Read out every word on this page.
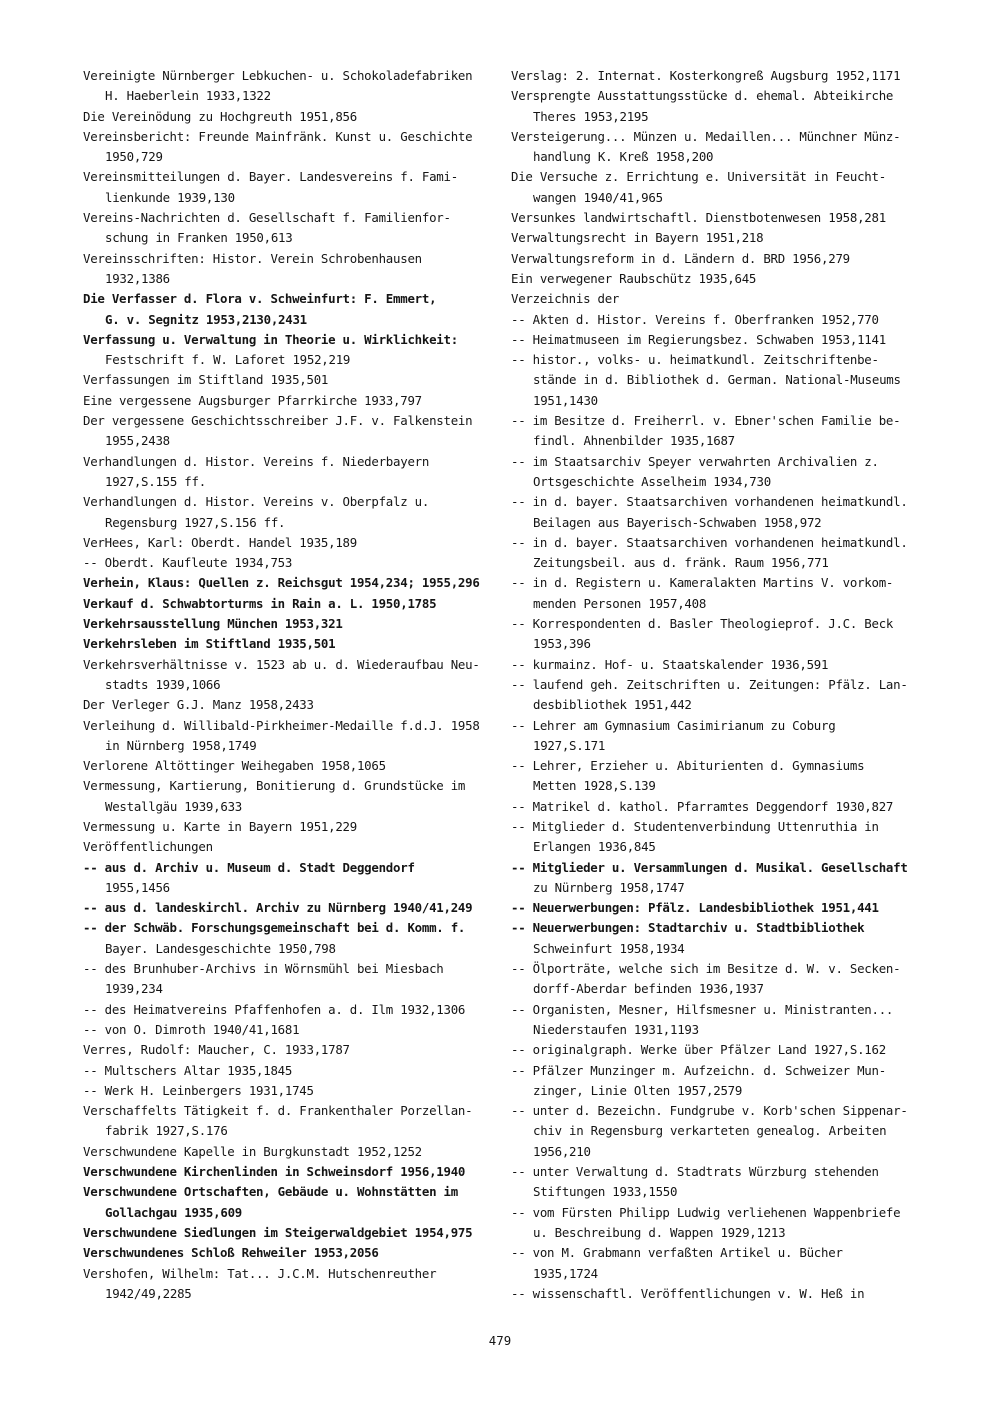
Vereinigte Nürnberger Lebkuchen- u. Schokoladefabriken
H. Haeberlein 1933,1322
Die Vereinödung zu Hochgreuth 1951,856
Vereinsbericht: Freunde Mainfränk. Kunst u. Geschichte
1950,729
Vereinsmitteilungen d. Bayer. Landesvereins f. Fami-
lienkunde 1939,130
Vereins-Nachrichten d. Gesellschaft f. Familienfor-
schung in Franken 1950,613
Vereinsschriften: Histor. Verein Schrobenhausen
1932,1386
Die Verfasser d. Flora v. Schweinfurt: F. Emmert,
G. v. Segnitz 1953,2130,2431
Verfassung u. Verwaltung in Theorie u. Wirklichkeit:
Festschrift f. W. Laforet 1952,219
Verfassungen im Stiftland 1935,501
Eine vergessene Augsburger Pfarrkirche 1933,797
Der vergessene Geschichtsschreiber J.F. v. Falkenstein
1955,2438
Verhandlungen d. Histor. Vereins f. Niederbayern
1927,S.155 ff.
Verhandlungen d. Histor. Vereins v. Oberpfalz u.
Regensburg 1927,S.156 ff.
VerHees, Karl: Oberdt. Handel 1935,189
-- Oberdt. Kaufleute 1934,753
Verhein, Klaus: Quellen z. Reichsgut 1954,234; 1955,296
Verkauf d. Schwabtorturms in Rain a. L. 1950,1785
Verkehrsausstellung München 1953,321
Verkehrsleben im Stiftland 1935,501
Verkehrsverhältnisse v. 1523 ab u. d. Wiederaufbau Neu-
stadts 1939,1066
Der Verleger G.J. Manz 1958,2433
Verleihung d. Willibald-Pirkheimer-Medaille f.d.J. 1958
in Nürnberg 1958,1749
Verlorene Altöttinger Weihegaben 1958,1065
Vermessung, Kartierung, Bonitierung d. Grundstücke im
Westallgäu 1939,633
Vermessung u. Karte in Bayern 1951,229
Veröffentlichungen
-- aus d. Archiv u. Museum d. Stadt Deggendorf
1955,1456
-- aus d. landeskirchl. Archiv zu Nürnberg 1940/41,249
-- der Schwäb. Forschungsgemeinschaft bei d. Komm. f.
Bayer. Landesgeschichte 1950,798
-- des Brunhuber-Archivs in Wörnsmühl bei Miesbach
1939,234
-- des Heimatvereins Pfaffenhofen a. d. Ilm 1932,1306
-- von O. Dimroth 1940/41,1681
Verres, Rudolf: Maucher, C. 1933,1787
-- Multschers Altar 1935,1845
-- Werk H. Leinbergers 1931,1745
Verschaffelts Tätigkeit f. d. Frankenthaler Porzellan-
fabrik 1927,S.176
Verschwundene Kapelle in Burgkunstadt 1952,1252
Verschwundene Kirchenlinden in Schweinsdorf 1956,1940
Verschwundene Ortschaften, Gebäude u. Wohnstätten im
Gollachgau 1935,609
Verschwundene Siedlungen im Steigerwaldgebiet 1954,975
Verschwundenes Schloß Rehweiler 1953,2056
Vershofen, Wilhelm: Tat... J.C.M. Hutschenreuther
1942/49,2285
Verslag: 2. Internat. Kosterkongreß Augsburg 1952,1171
Versprengte Ausstattungsstücke d. ehemal. Abteikirche
Theres 1953,2195
Versteigerung... Münzen u. Medaillen... Münchner Münz-
handlung K. Kreß 1958,200
Die Versuche z. Errichtung e. Universität in Feucht-
wangen 1940/41,965
Versunkes landwirtschaftl. Dienstbotenwesen 1958,281
Verwaltungsrecht in Bayern 1951,218
Verwaltungsreform in d. Ländern d. BRD 1956,279
Ein verwegener Raubschütz 1935,645
Verzeichnis der
-- Akten d. Histor. Vereins f. Oberfranken 1952,770
-- Heimatmuseen im Regierungsbez. Schwaben 1953,1141
-- histor., volks- u. heimatkundl. Zeitschriftenbe-
stände in d. Bibliothek d. German. National-Museums
1951,1430
-- im Besitze d. Freiherrl. v. Ebner'schen Familie be-
findl. Ahnenbilder 1935,1687
-- im Staatsarchiv Speyer verwahrten Archivalien z.
Ortsgeschichte Asselheim 1934,730
-- in d. bayer. Staatsarchiven vorhandenen heimatkundl.
Beilagen aus Bayerisch-Schwaben 1958,972
-- in d. bayer. Staatsarchiven vorhandenen heimatkundl.
Zeitungsbeil. aus d. fränk. Raum 1956,771
-- in d. Registern u. Kameralakten Martins V. vorkom-
menden Personen 1957,408
-- Korrespondenten d. Basler Theologieprof. J.C. Beck
1953,396
-- kurmainz. Hof- u. Staatskalender 1936,591
-- laufend geh. Zeitschriften u. Zeitungen: Pfälz. Lan-
desbibliothek 1951,442
-- Lehrer am Gymnasium Casimirianum zu Coburg
1927,S.171
-- Lehrer, Erzieher u. Abiturienten d. Gymnasiums
Metten 1928,S.139
-- Matrikel d. kathol. Pfarramtes Deggendorf 1930,827
-- Mitglieder d. Studentenverbindung Uttenruthia in
Erlangen 1936,845
-- Mitglieder u. Versammlungen d. Musikal. Gesellschaft
zu Nürnberg 1958,1747
-- Neuerwerbungen: Pfälz. Landesbibliothek 1951,441
-- Neuerwerbungen: Stadtarchiv u. Stadtbibliothek
Schweinfurt 1958,1934
-- Ölporträte, welche sich im Besitze d. W. v. Secken-
dorff-Aberdar befinden 1936,1937
-- Organisten, Mesner, Hilfsmesner u. Ministranten...
Niederstaufen 1931,1193
-- originalgraph. Werke über Pfälzer Land 1927,S.162
-- Pfälzer Munzinger m. Aufzeichn. d. Schweizer Mun-
zinger, Linie Olten 1957,2579
-- unter d. Bezeichn. Fundgrube v. Korb'schen Sippenar-
chiv in Regensburg verkarteten genealog. Arbeiten
1956,210
-- unter Verwaltung d. Stadtrats Würzburg stehenden
Stiftungen 1933,1550
-- vom Fürsten Philipp Ludwig verliehenen Wappenbriefe
u. Beschreibung d. Wappen 1929,1213
-- von M. Grabmann verfaßten Artikel u. Bücher
1935,1724
-- wissenschaftl. Veröffentlichungen v. W. Heß in
479
